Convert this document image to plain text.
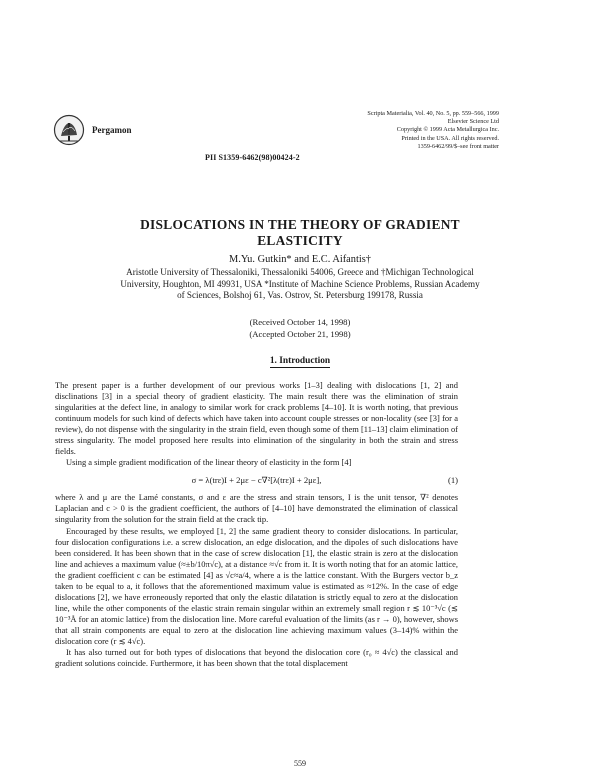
Pergamon
Scripta Materialia, Vol. 40, No. 5, pp. 559–566, 1999
Elsevier Science Ltd
Copyright © 1999 Acta Metallurgica Inc.
Printed in the USA. All rights reserved.
1359-6462/99/$–see front matter
PII S1359-6462(98)00424-2
DISLOCATIONS IN THE THEORY OF GRADIENT
ELASTICITY
M.Yu. Gutkin* and E.C. Aifantis†
Aristotle University of Thessaloniki, Thessaloniki 54006, Greece and †Michigan Technological
University, Houghton, MI 49931, USA *Institute of Machine Science Problems, Russian Academy
of Sciences, Bolshoj 61, Vas. Ostrov, St. Petersburg 199178, Russia
(Received October 14, 1998)
(Accepted October 21, 1998)
1. Introduction

The present paper is a further development of our previous works [1–3] dealing with dislocations [1, 2] and disclinations [3] in a special theory of gradient elasticity. The main result there was the elimination of strain singularities at the defect line, in analogy to similar work for crack problems [4–10]. It is worth noting, that previous continuum models for such kind of defects which have taken into account couple stresses or non-locality (see [3] for a review), do not dispense with the singularity in the strain field, even though some of them [11–13] claim elimination of stress singularity. The model proposed here results into elimination of the singularity in both the strain and stress fields.

Using a simple gradient modification of the linear theory of elasticity in the form [4]

σ = λ(trε)I + 2με − c∇²[λ(trε)I + 2με],	(1)

where λ and μ are the Lamé constants, σ and ε are the stress and strain tensors, I is the unit tensor, ∇² denotes Laplacian and c > 0 is the gradient coefficient, the authors of [4–10] have demonstrated the elimination of classical singularity from the solution for the strain field at the crack tip.

Encouraged by these results, we employed [1, 2] the same gradient theory to consider dislocations. In particular, four dislocation configurations i.e. a screw dislocation, an edge dislocation, and the dipoles of such dislocations have been considered. It has been shown that in the case of screw dislocation [1], the elastic strain is zero at the dislocation line and achieves a maximum value (≈±b/10π√c), at a distance ≈√c from it. It is worth noting that for an atomic lattice, the gradient coefficient c can be estimated [4] as √c≈a/4, where a is the lattice constant. With the Burgers vector b_z taken to be equal to a, it follows that the aforementioned maximum value is estimated as ≈12%. In the case of edge dislocations [2], we have erroneously reported that only the elastic dilatation is strictly equal to zero at the dislocation line, while the other components of the elastic strain remain singular within an extremely small region r ≲ 10⁻³√c (≲ 10⁻³Å for an atomic lattice) from the dislocation line. More careful evaluation of the limits (as r → 0), however, shows that all strain components are equal to zero at the dislocation line achieving maximum values (3–14)% within the dislocation core (r ≲ 4√c).

It has also turned out for both types of dislocations that beyond the dislocation core (r₀ ≈ 4√c) the classical and gradient solutions coincide. Furthermore, it has been shown that the total displacement

559
